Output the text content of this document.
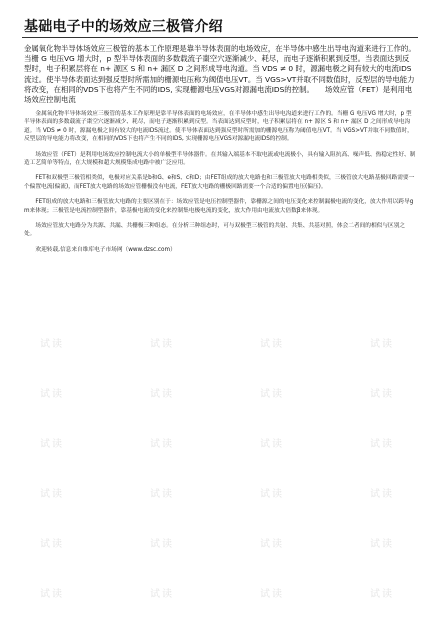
基础电子中的场效应三极管介绍
金属氧化物半导体场效应三极管的基本工作原理是靠半导体表面的电场效应，在半导体中感生出导电沟道来进行工作的。当栅 G 电压VG 增大时，p 型半导体表面的多数载流子棗空穴逐渐减少、耗尽，而电子逐渐积累到反型。当表面达到反型时，电子积累层将在 n+ 源区 S 和 n+ 漏区 D 之间形成导电沟道。当 VDS ≠ 0 时，源漏电极之间有较大的电流IDS流过。使半导体表面达到强反型时所需加的栅源电压称为阈值电压VT。当 VGS>VT并取不同数值时，反型层的导电能力将改变，在相同的VDS下也将产生不同的IDS, 实现栅源电压VGS对源漏电流IDS的控制。　　场效应管（FET）是利用电场效应控制电流

金属氧化物半导体场效应三极管的基本工作原理是靠半导体表面的电场效应，在半导体中感生出导电沟道来进行工作的。当栅 G 电压VG 增大时，p 型半导体表面的多数载流子棗空穴逐渐减少、耗尽，而电子逐渐积累到反型。当表面达到反型时，电子积累层将在 n+ 源区 S 和 n+ 漏区 D 之间形成导电沟道。当 VDS ≠ 0 时，源漏电极之间有较大的电流IDS流过。使半导体表面达到强反型时所需加的栅源电压称为阈值电压VT。当 VGS>VT并取不同数值时，反型层的导电能力将改变，在相同的VDS下也将产生不同的IDS, 实现栅源电压VGS对源漏电流IDS的控制。

场效应管（FET）是利用电场效应控制电流大小的单极型半导体器件。在其输入端基本不取电流或电流极小，具有输入阻抗高、噪声低、热稳定性好、制造工艺简单等特点，在大规模和超大规模集成电路中被广泛应用。

FET和双极型三极管相类似，电极对应关系是b和G、e和S、c和D；由FET组成的放大电路也和三极管放大电路相类似，三极管放大电路基极回路需要一个偏置电流(偏流)，而FET放大电路的场效应管栅极没有电流，FET放大电路的栅极回路需要一个合适的偏置电压(偏压)。

FET组成的放大电路和三极管放大电路的主要区别在于：场效应管是电压控制型器件，靠栅源之间的电压变化来控制漏极电流的变化，放大作用以跨导gm来体现；三极管是电流控制型器件，靠基极电流的变化来控制集电极电流的变化，放大作用由电流放大倍数β来体现。

场效应管放大电路分为共源、共漏、共栅极三种组态。在分析三种组态时，可与双极型三极管的共射、共集、共基对照，体会二者间的相似与区别之处。

欢迎转载,信息来自维库电子市场网（www.dzsc.com）

试读	试读	试读	试读
试读	试读	试读	试读
试读	试读	试读	试读
试读	试读	试读	试读
试读	试读	试读	试读
试读	试读	试读	试读
